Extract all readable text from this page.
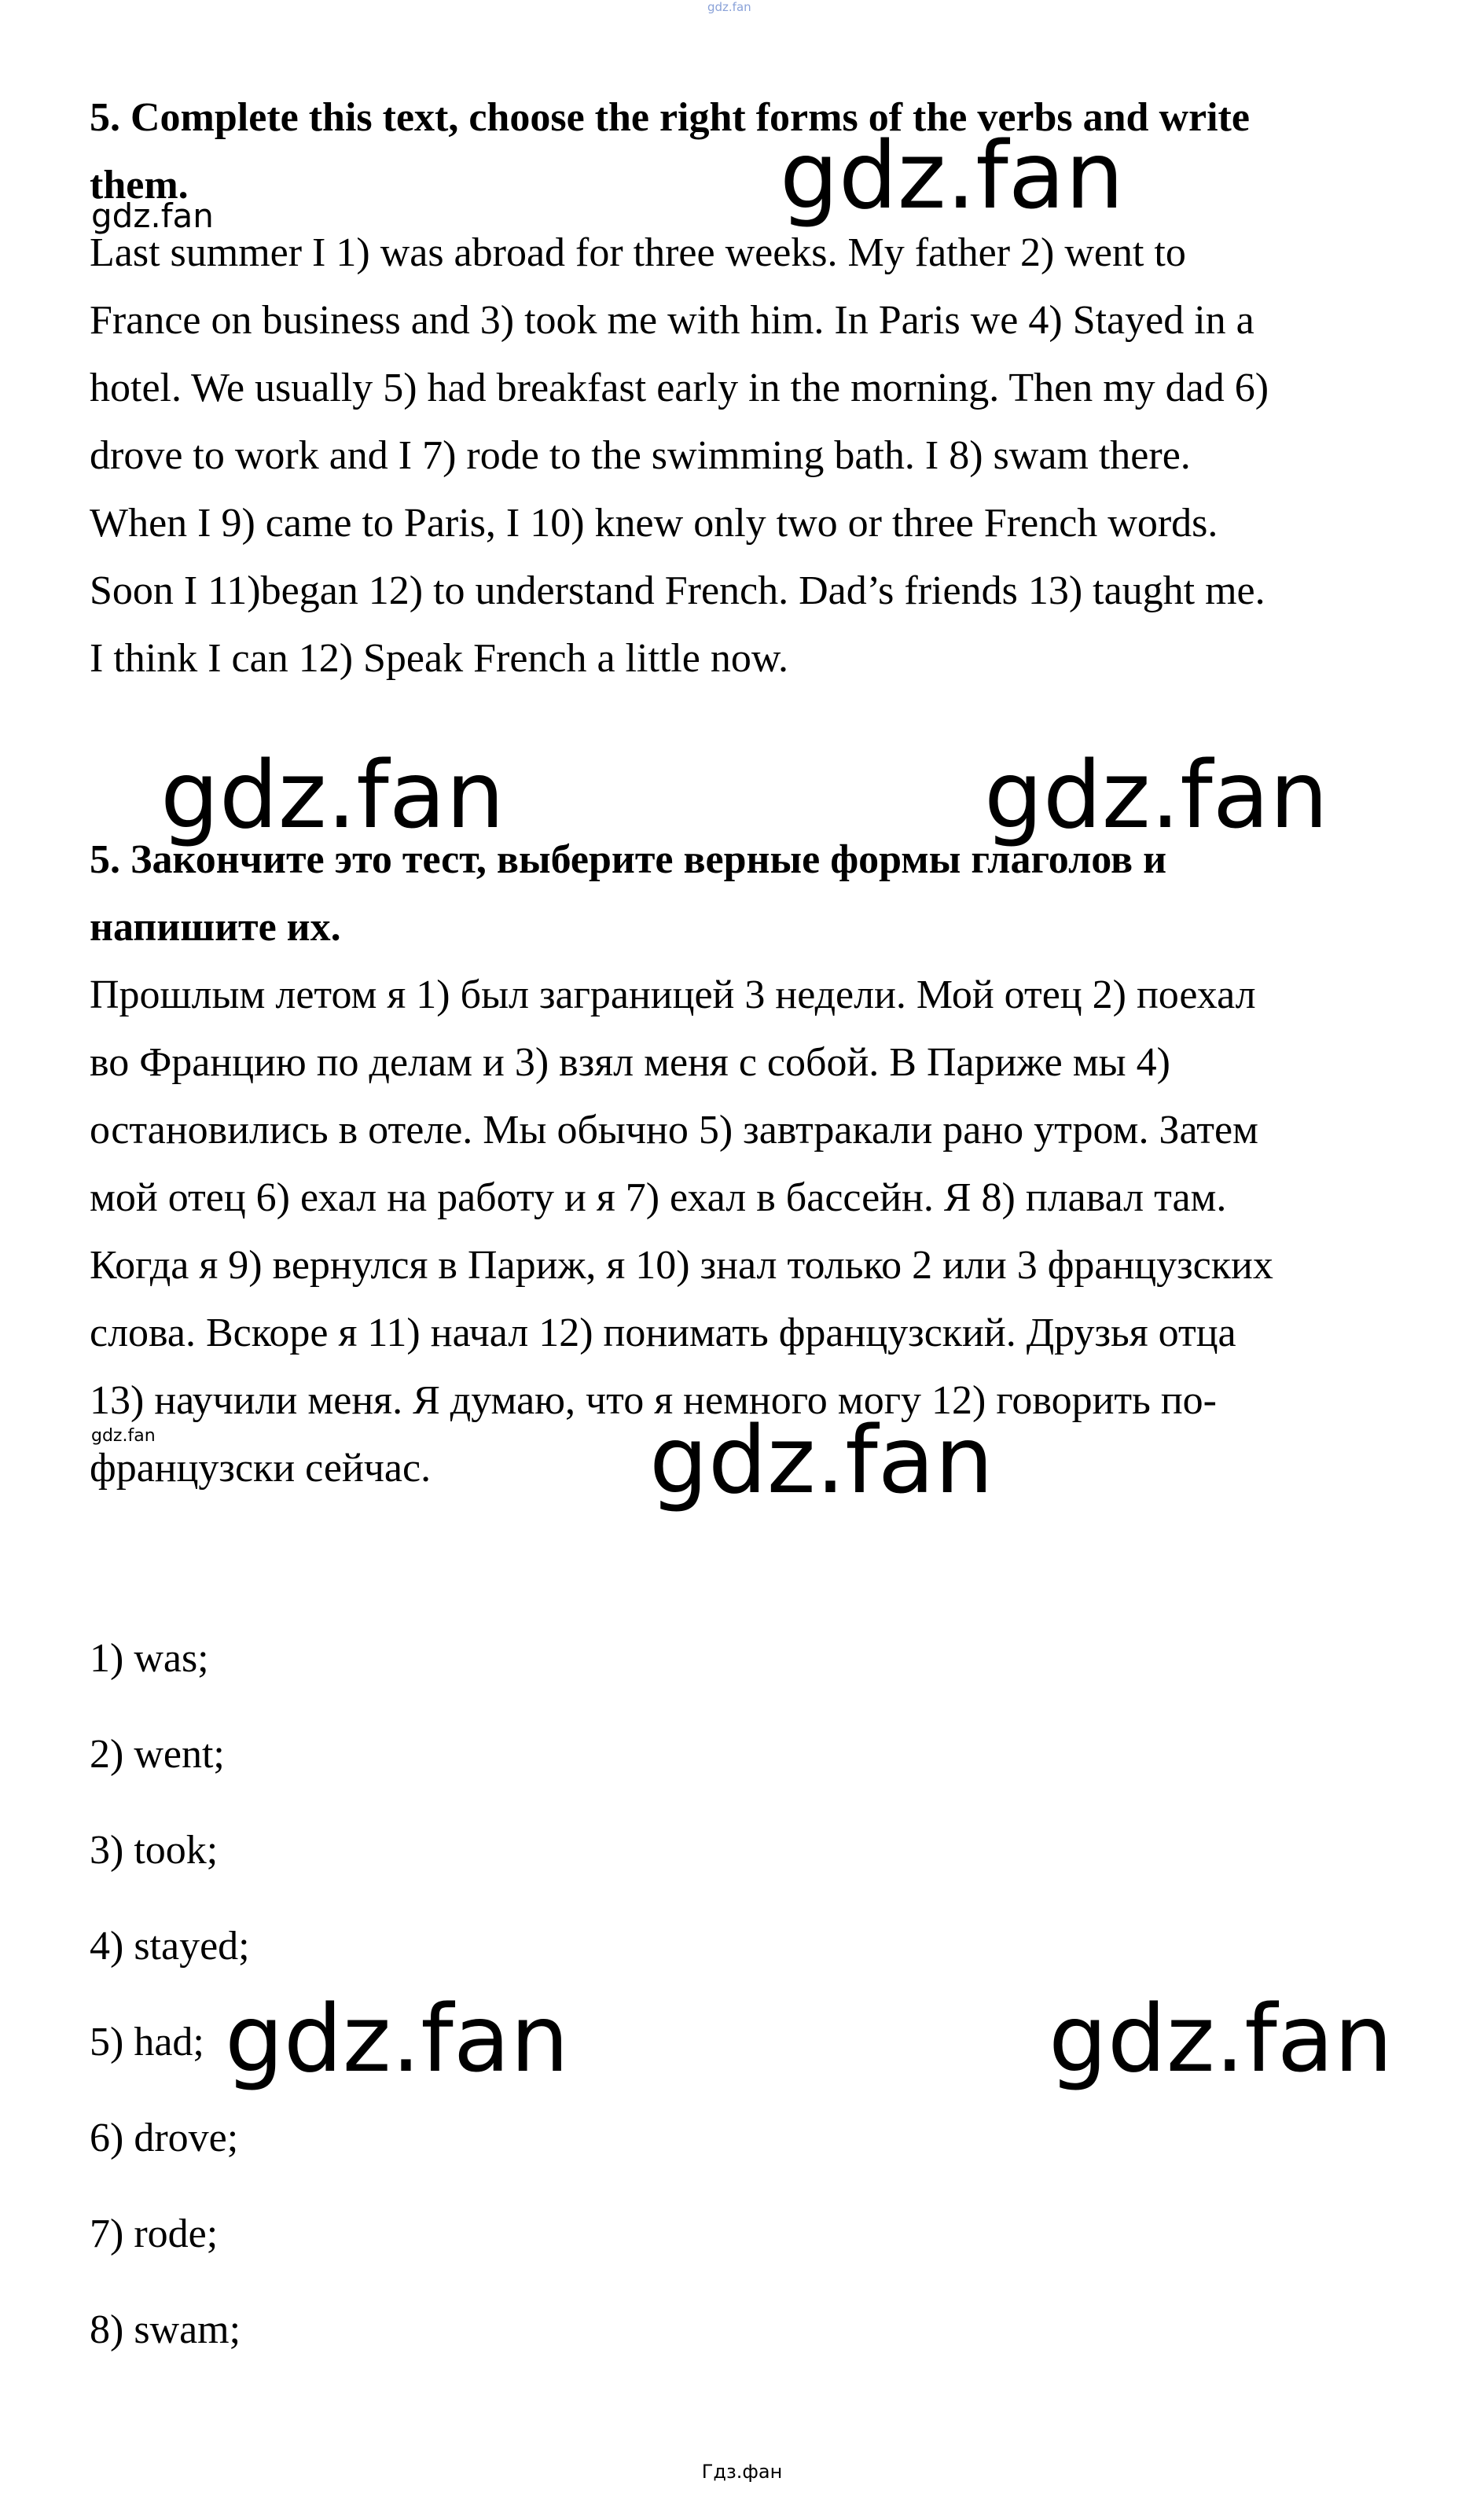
gdz.fan
5. Complete this text, choose the right forms of the verbs and write
them.
Last summer I 1) was abroad for three weeks. My father 2) went to
France on business and 3) took me with him. In Paris we 4) Stayed in a
hotel. We usually 5) had breakfast early in the morning. Then my dad 6)
drove to work and I 7) rode to the swimming bath. I 8) swam there.
When I 9) came to Paris, I 10) knew only two or three French words.
Soon I 11)began 12) to understand French. Dad’s friends 13) taught me.
I think I can 12) Speak French a little now.
5. Закончите это тест, выберите верные формы глаголов и
напишите их.
Прошлым летом я 1) был заграницей 3 недели. Мой отец 2) поехал
во Францию по делам и 3) взял меня с собой. В Париже мы 4)
остановились в отеле. Мы обычно 5) завтракали рано утром. Затем
мой отец 6) ехал на работу и я 7) ехал в бассейн. Я 8) плавал там.
Когда я 9) вернулся в Париж, я 10) знал только 2 или 3 французских
слова. Вскоре я 11) начал 12) понимать французский. Друзья отца
13) научили меня. Я думаю, что я немного могу 12) говорить по-
французски сейчас.
1) was;
2) went;
3) took;
4) stayed;
5) had;
6) drove;
7) rode;
8) swam;
gdz.fan
gdz.fan
gdz.fan	gdz.fan
gdz.fan	gdz.fan
gdz.fan	gdz.fan
Гдз.фан
